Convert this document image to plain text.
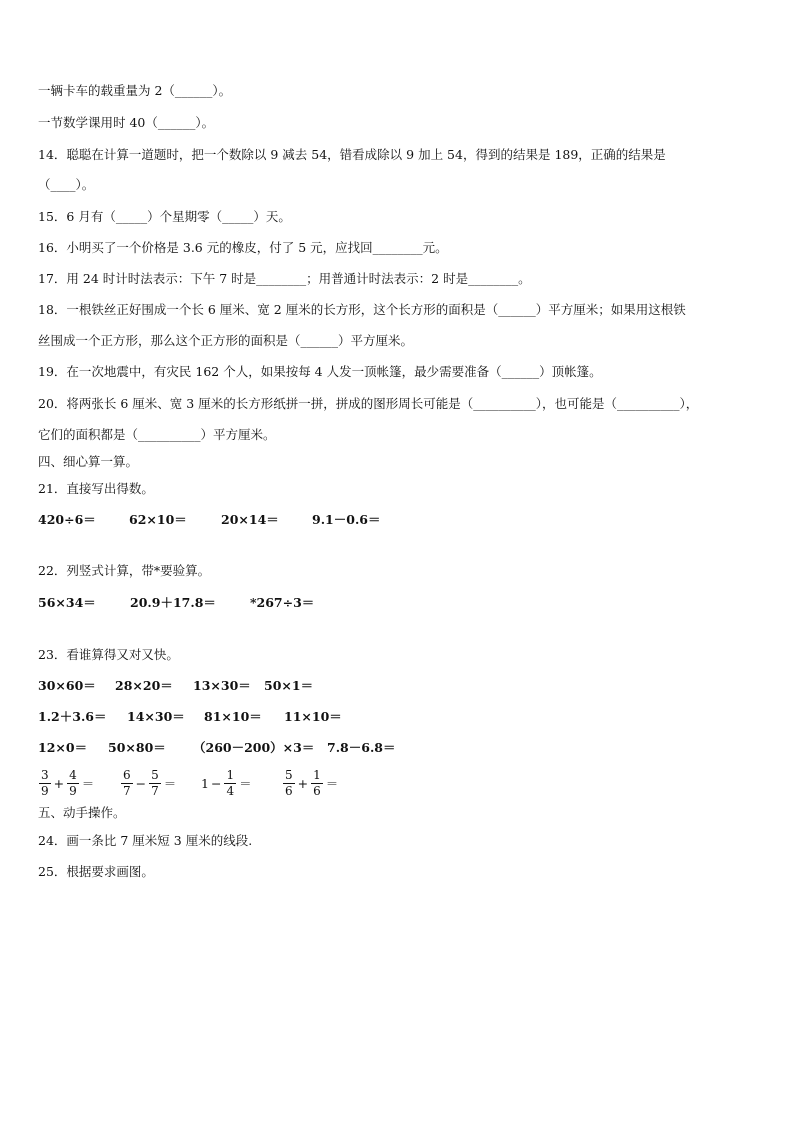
一辆卡车的载重量为 2（______）。
一节数学课用时 40（______）。
14．聪聪在计算一道题时，把一个数除以 9 减去 54，错看成除以 9 加上 54，得到的结果是 189，正确的结果是
（____）。
15．6 月有（_____）个星期零（_____）天。
16．小明买了一个价格是 3.6 元的橡皮，付了 5 元，应找回________元。
17．用 24 时计时法表示：下午 7 时是________；用普通计时法表示：2 时是________。
18．一根铁丝正好围成一个长 6 厘米、宽 2 厘米的长方形，这个长方形的面积是（______）平方厘米；如果用这根铁
丝围成一个正方形，那么这个正方形的面积是（______）平方厘米。
19．在一次地震中，有灾民 162 个人，如果按每 4 人发一顶帐篷，最少需要准备（______）顶帐篷。
20．将两张长 6 厘米、宽 3 厘米的长方形纸拼一拼，拼成的图形周长可能是（__________），也可能是（__________），
它们的面积都是（__________）平方厘米。
四、细心算一算。
21．直接写出得数。
420÷6＝	62×10＝	20×14＝	9.1－0.6＝
22．列竖式计算，带*要验算。
56×34＝	20.9＋17.8＝	*267÷3＝
23．看谁算得又对又快。
30×60＝ 28×20＝ 13×30＝ 50×1＝
1.2＋3.6＝ 14×30＝ 81×10＝ 11×10＝
12×0＝ 50×80＝ （260－200）×3＝ 7.8－6.8＝
$\frac{3}{9} + \frac{4}{9} = \frac{6}{7} - \frac{5}{7} = 1 - \frac{1}{4}$ ＝	$\frac{5}{6} + \frac{1}{6}$ ＝
五、动手操作。
24．画一条比 7 厘米短 3 厘米的线段.
25．根据要求画图。
